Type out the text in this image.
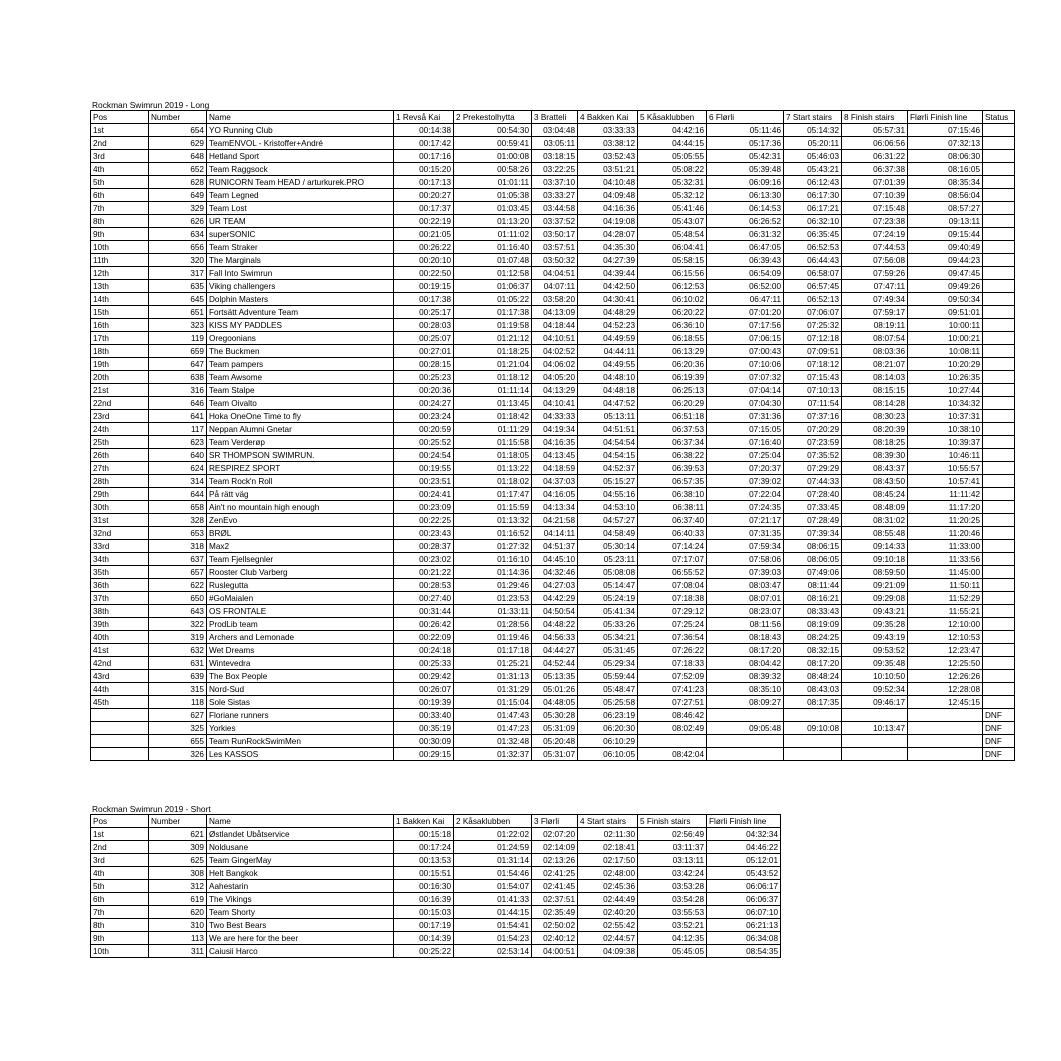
Rockman Swimrun 2019 - Long
Pos	Number	Name	1 Revså Kai	2 Prekestolhytta	3 Bratteli	4 Bakken Kai	5 Kåsaklubben	6 Flørli	7 Start stairs	8 Finish stairs	Flørli Finish line	Status
1st	654	YO Running Club	00:14:38	00:54:30	03:04:48	03:33:33	04:42:16	05:11:46	05:14:32	05:57:31	07:15:46	
2nd	629	TeamENVOL - Kristoffer+André	00:17:42	00:59:41	03:05:11	03:38:12	04:44:15	05:17:36	05:20:11	06:06:56	07:32:13	
3rd	648	Hetland Sport	00:17:16	01:00:08	03:18:15	03:52:43	05:05:55	05:42:31	05:46:03	06:31:22	08:06:30	
4th	652	Team Raggsock	00:15:20	00:58:26	03:22:25	03:51:21	05:08:22	05:39:48	05:43:21	06:37:38	08:16:05	
5th	628	RUNICORN Team HEAD / arturkurek.PRO	00:17:13	01:01:11	03:37:10	04:10:48	05:32:31	06:09:16	06:12:43	07:01:39	08:35:34	
6th	649	Team Legned	00:20:27	01:05:38	03:33:27	04:09:48	05:32:12	06:13:30	06:17:30	07:10:39	08:56:04	
7th	329	Team Lost	00:17:37	01:03:45	03:44:58	04:16:36	05:41:46	06:14:53	06:17:21	07:15:48	08:57:27	
8th	626	UR TEAM	00:22:19	01:13:20	03:37:52	04:19:08	05:43:07	06:26:52	06:32:10	07:23:38	09:13:11	
9th	634	superSONIC	00:21:05	01:11:02	03:50:17	04:28:07	05:48:54	06:31:32	06:35:45	07:24:19	09:15:44	
10th	656	Team Straker	00:26:22	01:16:40	03:57:51	04:35:30	06:04:41	06:47:05	06:52:53	07:44:53	09:40:49	
11th	320	The Marginals	00:20:10	01:07:48	03:50:32	04:27:39	05:58:15	06:39:43	06:44:43	07:56:08	09:44:23	
12th	317	Fall Into Swimrun	00:22:50	01:12:58	04:04:51	04:39:44	06:15:56	06:54:09	06:58:07	07:59:26	09:47:45	
13th	635	Viking challengers	00:19:15	01:06:37	04:07:11	04:42:50	06:12:53	06:52:00	06:57:45	07:47:11	09:49:26	
14th	645	Dolphin Masters	00:17:38	01:05:22	03:58:20	04:30:41	06:10:02	06:47:11	06:52:13	07:49:34	09:50:34	
15th	651	Fortsätt Adventure Team	00:25:17	01:17:38	04:13:09	04:48:29	06:20:22	07:01:20	07:06:07	07:59:17	09:51:01	
16th	323	KISS MY PADDLES	00:28:03	01:19:58	04:18:44	04:52:23	06:36:10	07:17:56	07:25:32	08:19:11	10:00:11	
17th	119	Oregoonians	00:25:07	01:21:12	04:10:51	04:49:59	06:18:55	07:06:15	07:12:18	08:07:54	10:00:21	
18th	659	The Buckmen	00:27:01	01:18:25	04:02:52	04:44:11	06:13:29	07:00:43	07:09:51	08:03:36	10:08:11	
19th	647	Team pampers	00:28:15	01:21:04	04:06:02	04:49:55	06:20:36	07:10:06	07:18:12	08:21:07	10:20:29	
20th	638	Team Awsome	00:25:23	01:18:12	04:05:20	04:48:10	06:19:39	07:07:32	07:15:43	08:14:03	10:26:35	
21st	316	Team Stalpe	00:20:36	01:11:14	04:13:29	04:48:18	06:25:13	07:04:14	07:10:13	08:15:15	10:27:44	
22nd	646	Team Oivalto	00:24:27	01:13:45	04:10:41	04:47:52	06:20:29	07:04:30	07:11:54	08:14:28	10:34:32	
23rd	641	Hoka OneOne Time to fly	00:23:24	01:18:42	04:33:33	05:13:11	06:51:18	07:31:36	07:37:16	08:30:23	10:37:31	
24th	117	Neppan Alumni Gnetar	00:20:59	01:11:29	04:19:34	04:51:51	06:37:53	07:15:05	07:20:29	08:20:39	10:38:10	
25th	623	Team Verderøp	00:25:52	01:15:58	04:16:35	04:54:54	06:37:34	07:16:40	07:23:59	08:18:25	10:39:37	
26th	640	SR THOMPSON SWIMRUN.	00:24:54	01:18:05	04:13:45	04:54:15	06:38:22	07:25:04	07:35:52	08:39:30	10:46:11	
27th	624	RESPIREZ SPORT	00:19:55	01:13:22	04:18:59	04:52:37	06:39:53	07:20:37	07:29:29	08:43:37	10:55:57	
28th	314	Team Rock'n Roll	00:23:51	01:18:02	04:37:03	05:15:27	06:57:35	07:39:02	07:44:33	08:43:50	10:57:41	
29th	644	På rätt väg	00:24:41	01:17:47	04:16:05	04:55:16	06:38:10	07:22:04	07:28:40	08:45:24	11:11:42	
30th	658	Ain't no mountain high enough	00:23:09	01:15:59	04:13:34	04:53:10	06:38:11	07:24:35	07:33:45	08:48:09	11:17:20	
31st	328	ZenEvo	00:22:25	01:13:32	04:21:58	04:57:27	06:37:40	07:21:17	07:28:49	08:31:02	11:20:25	
32nd	653	BRØL	00:23:43	01:16:52	04:14:11	04:58:49	06:40:33	07:31:35	07:39:34	08:55:48	11:20:46	
33rd	318	Max2	00:28:37	01:27:32	04:51:37	05:30:14	07:14:24	07:59:34	08:06:15	09:14:33	11:33:00	
34th	637	Team Fjellsegnler	00:23:02	01:16:10	04:45:10	05:23:11	07:17:07	07:58:06	08:06:05	09:10:18	11:33:56	
35th	657	Rooster Club Varberg	00:21:22	01:14:36	04:32:46	05:08:08	06:55:52	07:39:03	07:49:06	08:59:50	11:45:00	
36th	622	Ruslegutta	00:28:53	01:29:46	04:27:03	05:14:47	07:08:04	08:03:47	08:11:44	09:21:09	11:50:11	
37th	650	#GoMaialen	00:27:40	01:23:53	04:42:29	05:24:19	07:18:38	08:07:01	08:16:21	09:29:08	11:52:29	
38th	643	OS FRONTALE	00:31:44	01:33:11	04:50:54	05:41:34	07:29:12	08:23:07	08:33:43	09:43:21	11:55:21	
39th	322	ProdLib team	00:26:42	01:28:56	04:48:22	05:33:26	07:25:24	08:11:56	08:19:09	09:35:28	12:10:00	
40th	319	Archers and Lemonade	00:22:09	01:19:46	04:56:33	05:34:21	07:36:54	08:18:43	08:24:25	09:43:19	12:10:53	
41st	632	Wet Dreams	00:24:18	01:17:18	04:44:27	05:31:45	07:26:22	08:17:20	08:32:15	09:53:52	12:23:47	
42nd	631	Wintevedra	00:25:33	01:25:21	04:52:44	05:29:34	07:18:33	08:04:42	08:17:20	09:35:48	12:25:50	
43rd	639	The Box People	00:29:42	01:31:13	05:13:35	05:59:44	07:52:09	08:39:32	08:48:24	10:10:50	12:26:26	
44th	315	Nord-Sud	00:26:07	01:31:29	05:01:26	05:48:47	07:41:23	08:35:10	08:43:03	09:52:34	12:28:08	
45th	118	Sole Sistas	00:19:39	01:15:04	04:48:05	05:25:58	07:27:51	08:09:27	08:17:35	09:46:17	12:45:15	
	627	Floriane runners	00:33:40	01:47:43	05:30:28	06:23:19	08:46:42					DNF
	325	Yorkies	00:35:19	01:47:23	05:31:09	06:20:30	08:02:49	09:05:48	09:10:08	10:13:47		DNF
	655	Team RunRockSwimMen	00:30:09	01:32:48	05:20:48	06:10:29						DNF
	326	Les KASSOS	00:29:15	01:32:37	05:31:07	06:10:05	08:42:04					DNF
Rockman Swimrun 2019 - Short
Pos	Number	Name	1 Bakken Kai	2 Kåsaklubben	3 Flørli	4 Start stairs	5 Finish stairs	Flørli Finish line
1st	621	Østlandet Ubåtservice	00:15:18	01:22:02	02:07:20	02:11:30	02:56:49	04:32:34
2nd	309	Noldusane	00:17:24	01:24:59	02:14:09	02:18:41	03:11:37	04:46:22
3rd	625	Team GingerMay	00:13:53	01:31:14	02:13:26	02:17:50	03:13:11	05:12:01
4th	308	Helt Bangkok	00:15:51	01:54:46	02:41:25	02:48:00	03:42:24	05:43:52
5th	312	Aahestarin	00:16:30	01:54:07	02:41:45	02:45:36	03:53:28	06:06:17
6th	619	The Vikings	00:16:39	01:41:33	02:37:51	02:44:49	03:54:28	06:06:37
7th	620	Team Shorty	00:15:03	01:44:15	02:35:49	02:40:20	03:55:53	06:07:10
8th	310	Two Best Bears	00:17:19	01:54:41	02:50:02	02:55:42	03:52:21	06:21:13
9th	113	We are here for the beer	00:14:39	01:54:23	02:40:12	02:44:57	04:12:35	06:34:08
10th	311	Caiusii Harco	00:25:22	02:53:14	04:00:51	04:09:38	05:45:05	08:54:35
